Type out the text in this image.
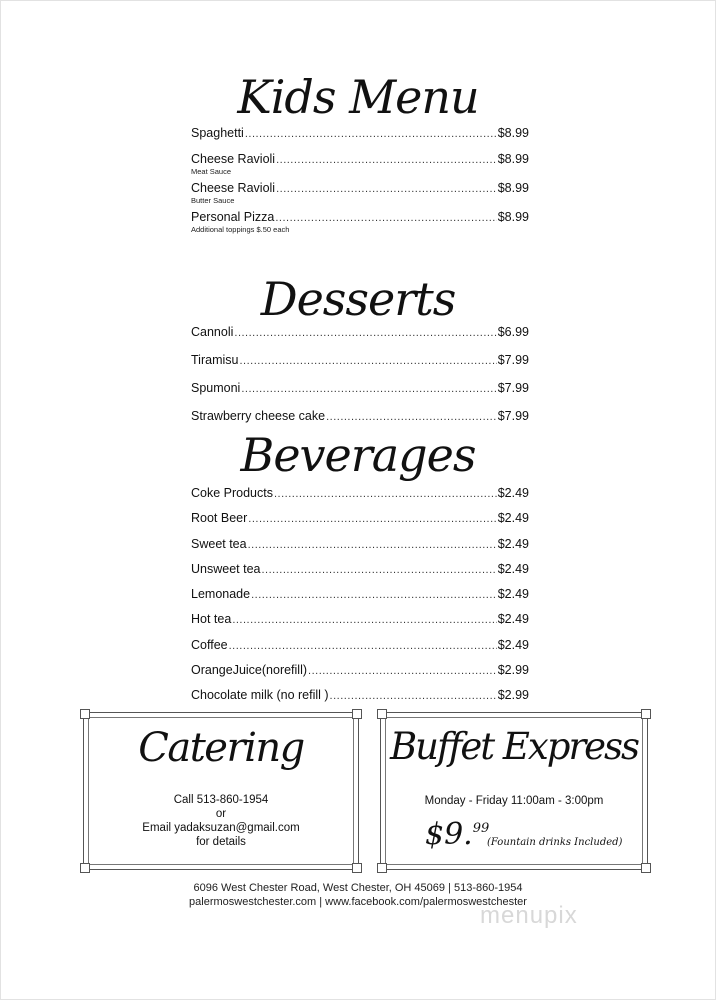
Kids Menu
Spaghetti .....	$8.99
Cheese Ravioli .....	$8.99
Meat Sauce
Cheese Ravioli .....	$8.99
Butter Sauce
Personal Pizza .....	$8.99
Additional toppings $.50 each
Desserts
Cannoli .....	$6.99
Tiramisu .....	$7.99
Spumoni .....	$7.99
Strawberry cheese cake .....	$7.99
Beverages
Coke Products .....	$2.49
Root Beer .....	$2.49
Sweet tea .....	$2.49
Unsweet tea .....	$2.49
Lemonade .....	$2.49
Hot tea .....	$2.49
Coffee .....	$2.49
OrangeJuice(norefill) .....	$2.99
Chocolate milk (no refill ) .....	$2.99
Catering
Call 513-860-1954
or
Email yadaksuzan@gmail.com
for details
Buffet Express
Monday - Friday 11:00am - 3:00pm
$9.99
(Fountain drinks Included)
6096 West Chester Road, West Chester, OH 45069 | 513-860-1954
palermoswestchester.com | www.facebook.com/palermoswestchester
menupix
